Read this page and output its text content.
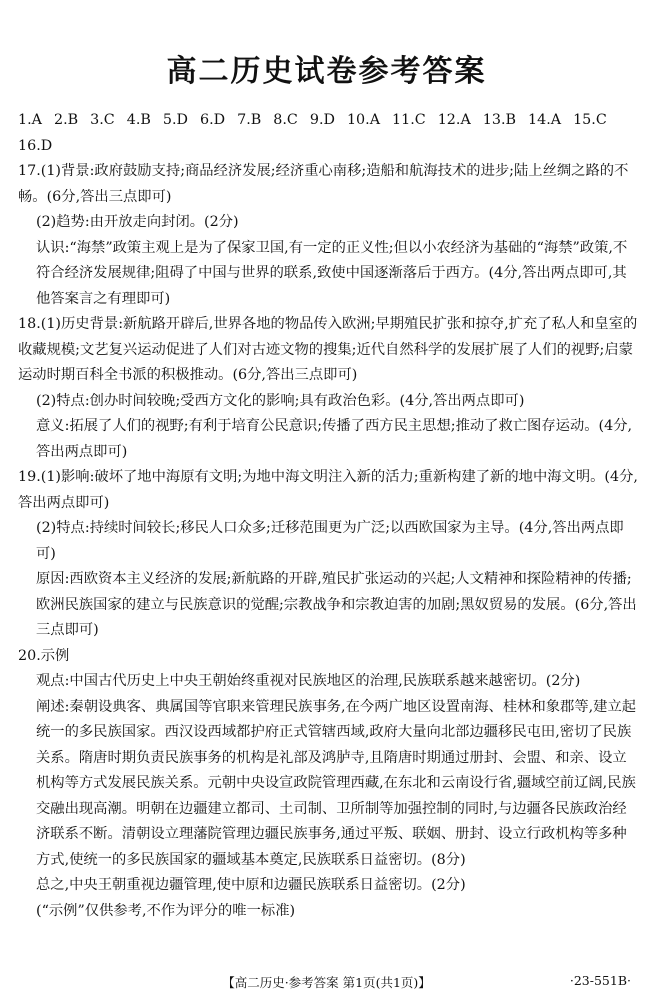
高二历史试卷参考答案
1.A 2.B 3.C 4.B 5.D 6.D 7.B 8.C 9.D 10.A 11.C 12.A 13.B 14.A 15.C16.D

17.(1)背景:政府鼓励支持;商品经济发展;经济重心南移;造船和航海技术的进步;陆上丝绸之路的不畅。(6分,答出三点即可)

(2)趋势:由开放走向封闭。(2分)

认识:“海禁”政策主观上是为了保家卫国,有一定的正义性;但以小农经济为基础的“海禁”政策,不符合经济发展规律;阻碍了中国与世界的联系,致使中国逐渐落后于西方。(4分,答出两点即可,其他答案言之有理即可)

18.(1)历史背景:新航路开辟后,世界各地的物品传入欧洲;早期殖民扩张和掠夺,扩充了私人和皇室的收藏规模;文艺复兴运动促进了人们对古迹文物的搜集;近代自然科学的发展扩展了人们的视野;启蒙运动时期百科全书派的积极推动。(6分,答出三点即可)

(2)特点:创办时间较晚;受西方文化的影响;具有政治色彩。(4分,答出两点即可)

意义:拓展了人们的视野;有利于培育公民意识;传播了西方民主思想;推动了救亡图存运动。(4分,答出两点即可)

19.(1)影响:破坏了地中海原有文明;为地中海文明注入新的活力;重新构建了新的地中海文明。(4分,答出两点即可)

(2)特点:持续时间较长;移民人口众多;迁移范围更为广泛;以西欧国家为主导。(4分,答出两点即可)

原因:西欧资本主义经济的发展;新航路的开辟,殖民扩张运动的兴起;人文精神和探险精神的传播;欧洲民族国家的建立与民族意识的觉醒;宗教战争和宗教迫害的加剧;黑奴贸易的发展。(6分,答出三点即可)

20.示例

观点:中国古代历史上中央王朝始终重视对民族地区的治理,民族联系越来越密切。(2分)

阐述:秦朝设典客、典属国等官职来管理民族事务,在今两广地区设置南海、桂林和象郡等,建立起统一的多民族国家。西汉设西域都护府正式管辖西域,政府大量向北部边疆移民屯田,密切了民族关系。隋唐时期负责民族事务的机构是礼部及鸿胪寺,且隋唐时期通过册封、会盟、和亲、设立机构等方式发展民族关系。元朝中央设宣政院管理西藏,在东北和云南设行省,疆域空前辽阔,民族交融出现高潮。明朝在边疆建立都司、土司制、卫所制等加强控制的同时,与边疆各民族政治经济联系不断。清朝设立理藩院管理边疆民族事务,通过平叛、联姻、册封、设立行政机构等多种方式,使统一的多民族国家的疆域基本奠定,民族联系日益密切。(8分)

总之,中央王朝重视边疆管理,使中原和边疆民族联系日益密切。(2分)

(“示例”仅供参考,不作为评分的唯一标准)

【高二历史·参考答案 第1页(共1页)】	·23-551B·
